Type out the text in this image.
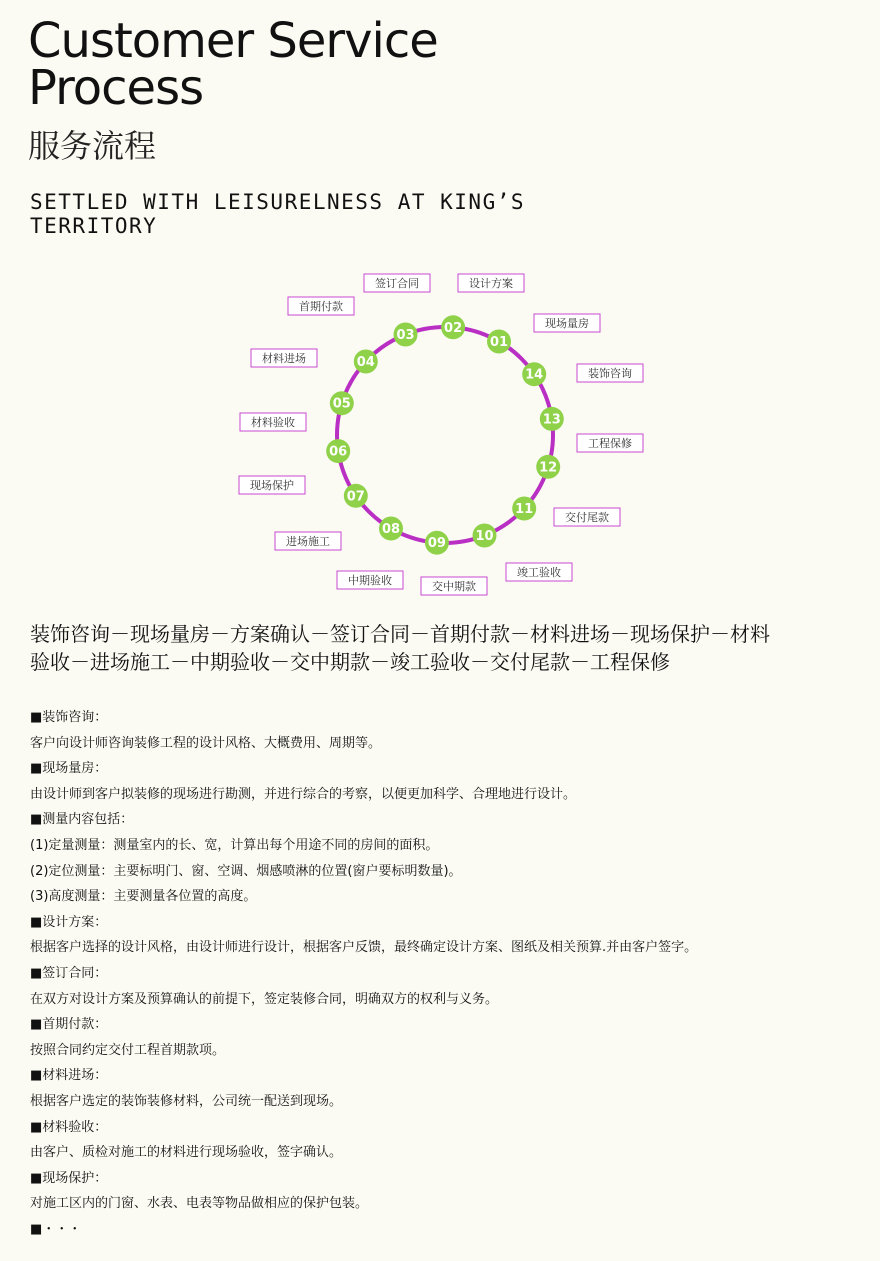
Customer Service
Process
服务流程
SETTLED WITH LEISURELNESS AT KING’S
TERRITORY
01
装饰咨询
02	现场量房
03
设计方案
04
签订合同
05
首期付款
06
材料进场
07
材料验收
08
现场保护
09
进场施工	10
中期验收
11
交中期款
12
竣工验收
13
交付尾款
14
工程保修
装饰咨询－现场量房－方案确认－签订合同－首期付款－材料进场－现场保护－材料
验收－进场施工－中期验收－交中期款－竣工验收－交付尾款－工程保修
■装饰咨询：
客户向设计师咨询装修工程的设计风格、大概费用、周期等。
■现场量房：
由设计师到客户拟装修的现场进行勘测，并进行综合的考察，以便更加科学、合理地进行设计。
■测量内容包括：
(1)定量测量：测量室内的长、宽，计算出每个用途不同的房间的面积。
(2)定位测量：主要标明门、窗、空调、烟感喷淋的位置(窗户要标明数量)。
(3)高度测量：主要测量各位置的高度。
■设计方案：
根据客户选择的设计风格，由设计师进行设计，根据客户反馈，最终确定设计方案、图纸及相关预算.并由客户签字。
■签订合同：
在双方对设计方案及预算确认的前提下，签定装修合同，明确双方的权利与义务。
■首期付款：
按照合同约定交付工程首期款项。
■材料进场：
根据客户选定的装饰装修材料，公司统一配送到现场。
■材料验收：
由客户、质检对施工的材料进行现场验收，签字确认。
■现场保护：
对施工区内的门窗、水表、电表等物品做相应的保护包装。
■・・・
